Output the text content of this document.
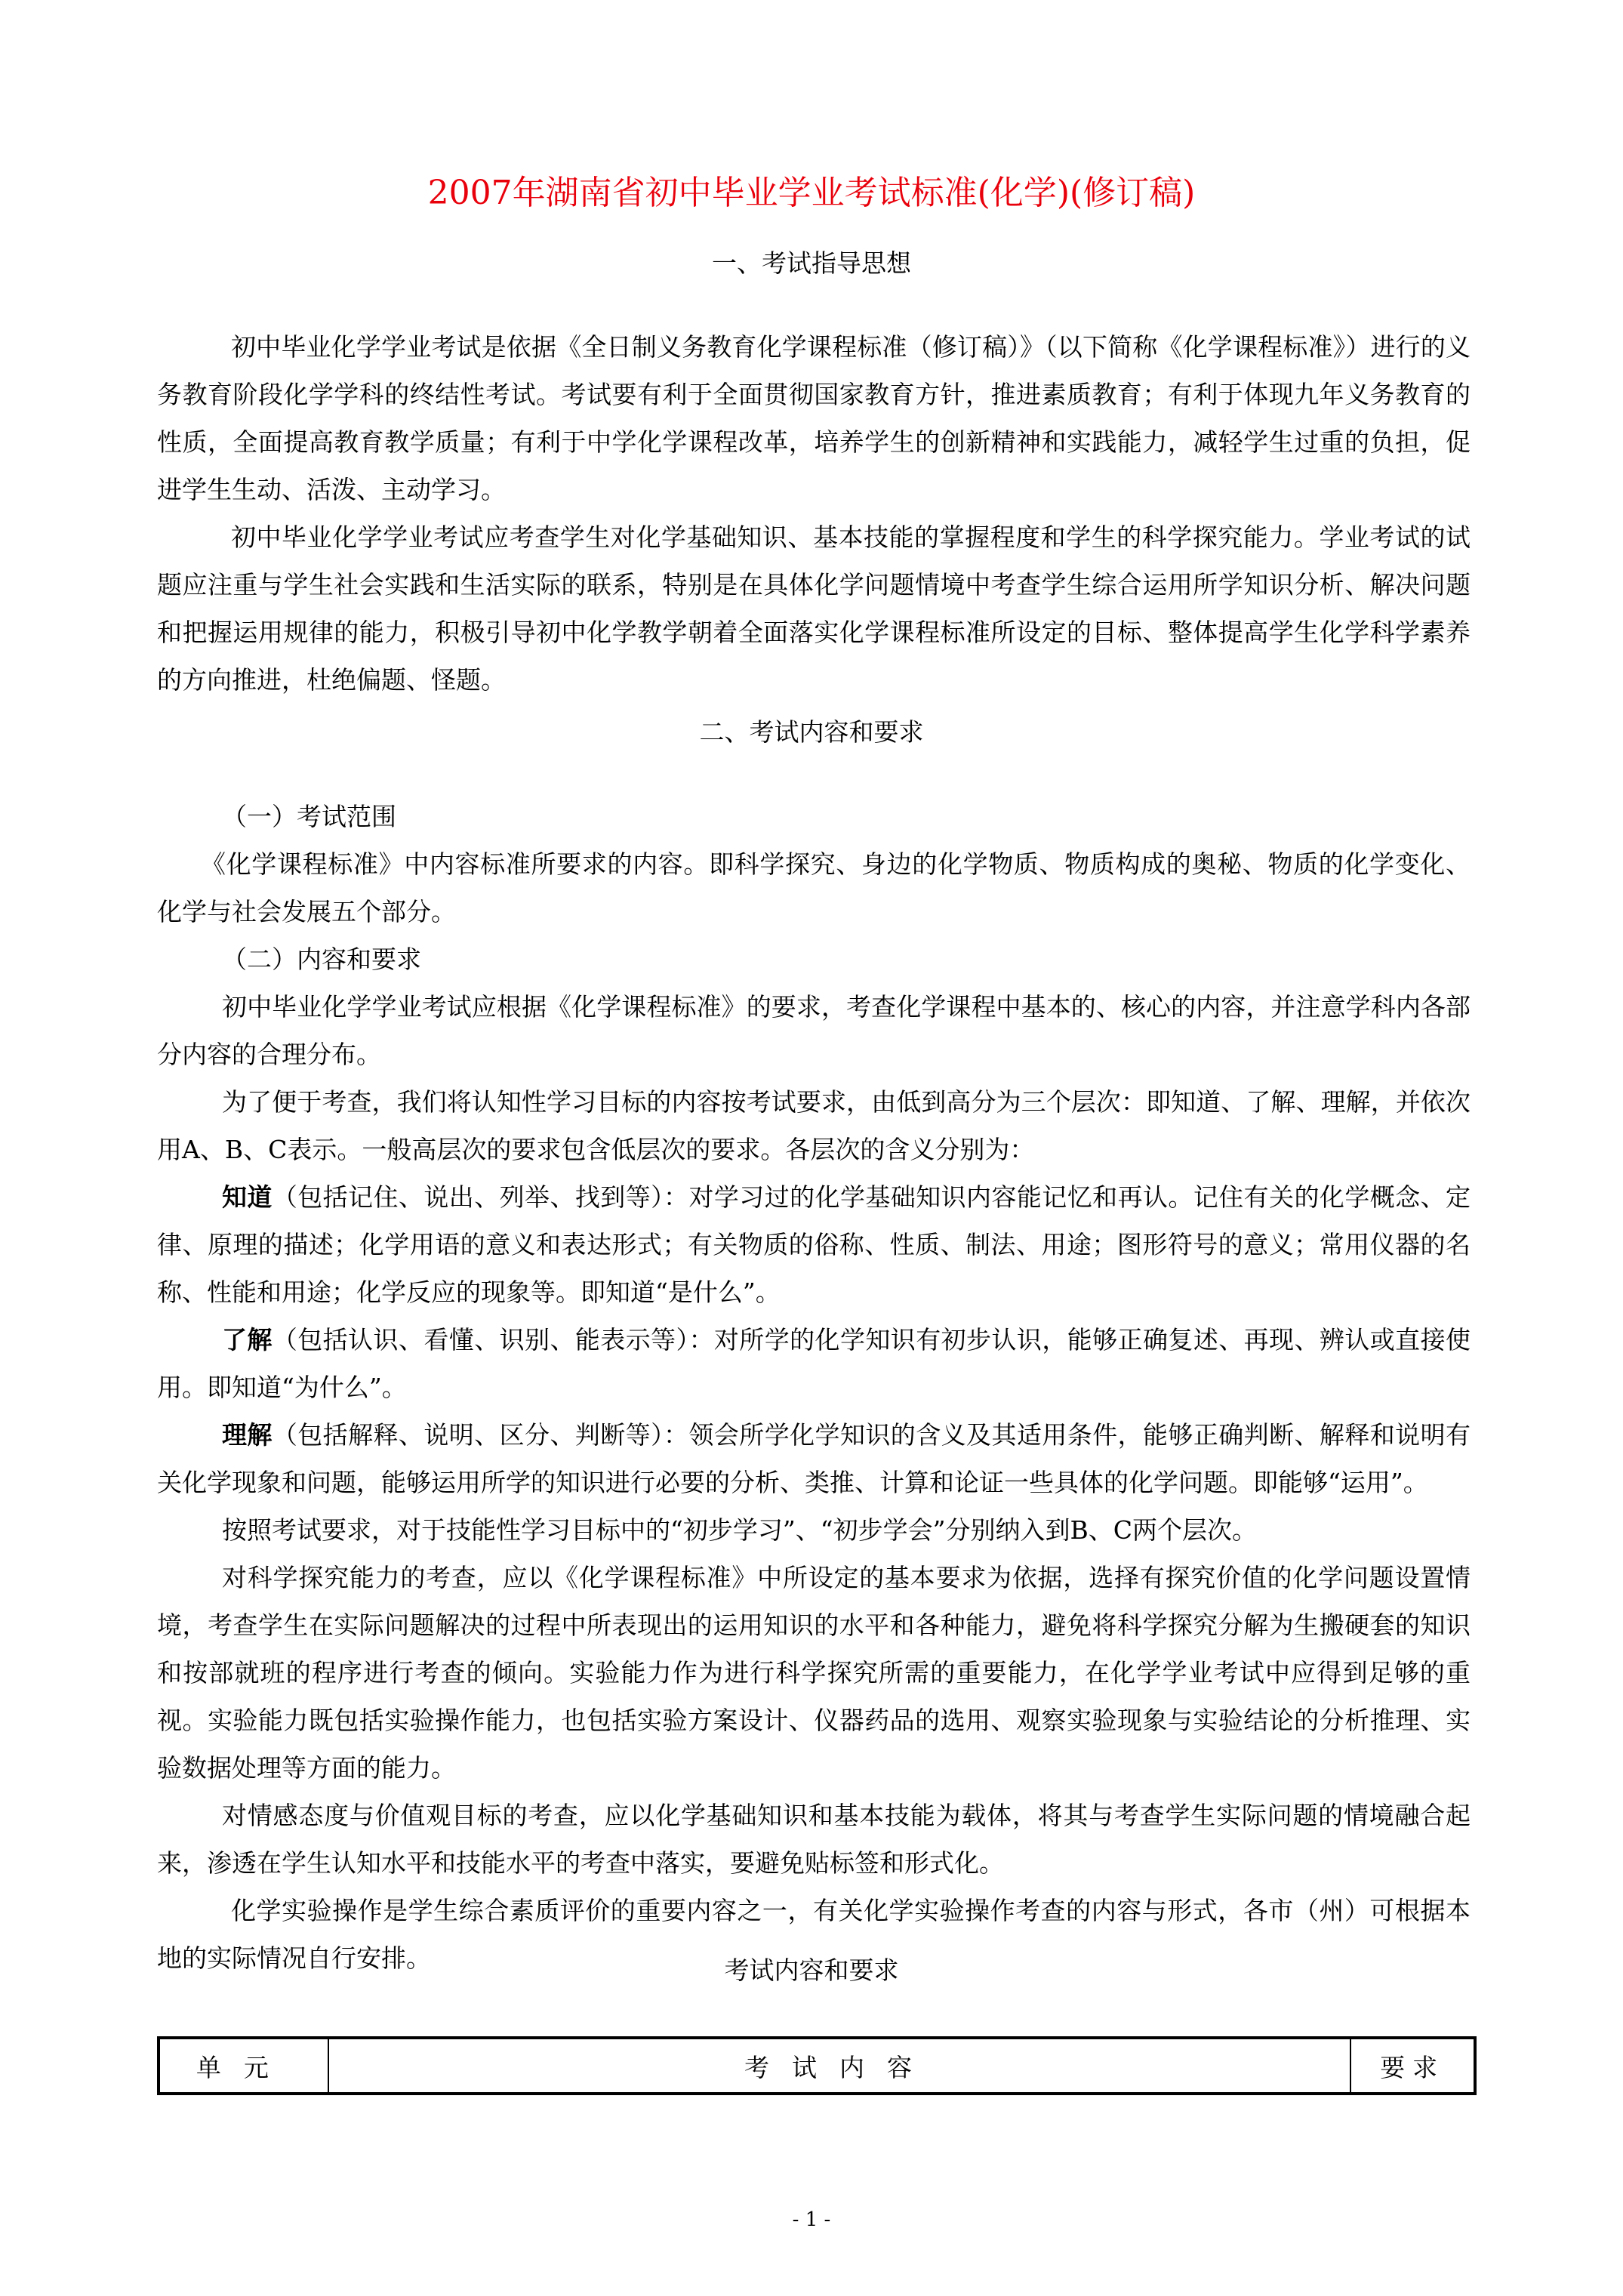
2007年湖南省初中毕业学业考试标准(化学)(修订稿)
一、考试指导思想

初中毕业化学学业考试是依据《全日制义务教育化学课程标准（修订稿）》（以下简称《化学课程标准》）进行的义务教育阶段化学学科的终结性考试。考试要有利于全面贯彻国家教育方针，推进素质教育；有利于体现九年义务教育的性质，全面提高教育教学质量；有利于中学化学课程改革，培养学生的创新精神和实践能力，减轻学生过重的负担，促进学生生动、活泼、主动学习。

初中毕业化学学业考试应考查学生对化学基础知识、基本技能的掌握程度和学生的科学探究能力。学业考试的试题应注重与学生社会实践和生活实际的联系，特别是在具体化学问题情境中考查学生综合运用所学知识分析、解决问题和把握运用规律的能力，积极引导初中化学教学朝着全面落实化学课程标准所设定的目标、整体提高学生化学科学素养的方向推进，杜绝偏题、怪题。

二、考试内容和要求

（一）考试范围

《化学课程标准》中内容标准所要求的内容。即科学探究、身边的化学物质、物质构成的奥秘、物质的化学变化、化学与社会发展五个部分。

（二）内容和要求

初中毕业化学学业考试应根据《化学课程标准》的要求，考查化学课程中基本的、核心的内容，并注意学科内各部分内容的合理分布。

为了便于考查，我们将认知性学习目标的内容按考试要求，由低到高分为三个层次：即知道、了解、理解，并依次用A、B、C表示。一般高层次的要求包含低层次的要求。各层次的含义分别为：

知道（包括记住、说出、列举、找到等）：对学习过的化学基础知识内容能记忆和再认。记住有关的化学概念、定律、原理的描述；化学用语的意义和表达形式；有关物质的俗称、性质、制法、用途；图形符号的意义；常用仪器的名称、性能和用途；化学反应的现象等。即知道“是什么”。

了解（包括认识、看懂、识别、能表示等）：对所学的化学知识有初步认识，能够正确复述、再现、辨认或直接使用。即知道“为什么”。

理解（包括解释、说明、区分、判断等）：领会所学化学知识的含义及其适用条件，能够正确判断、解释和说明有关化学现象和问题，能够运用所学的知识进行必要的分析、类推、计算和论证一些具体的化学问题。即能够“运用”。

按照考试要求，对于技能性学习目标中的“初步学习”、“初步学会”分别纳入到B、C两个层次。

对科学探究能力的考查，应以《化学课程标准》中所设定的基本要求为依据，选择有探究价值的化学问题设置情境，考查学生在实际问题解决的过程中所表现出的运用知识的水平和各种能力，避免将科学探究分解为生搬硬套的知识和按部就班的程序进行考查的倾向。实验能力作为进行科学探究所需的重要能力，在化学学业考试中应得到足够的重视。实验能力既包括实验操作能力，也包括实验方案设计、仪器药品的选用、观察实验现象与实验结论的分析推理、实验数据处理等方面的能力。

对情感态度与价值观目标的考查，应以化学基础知识和基本技能为载体，将其与考查学生实际问题的情境融合起来，渗透在学生认知水平和技能水平的考查中落实，要避免贴标签和形式化。

化学实验操作是学生综合素质评价的重要内容之一，有关化学实验操作考查的内容与形式，各市（州）可根据本地的实际情况自行安排。	考试内容和要求
单元	考试内容	要求
- 1 -
